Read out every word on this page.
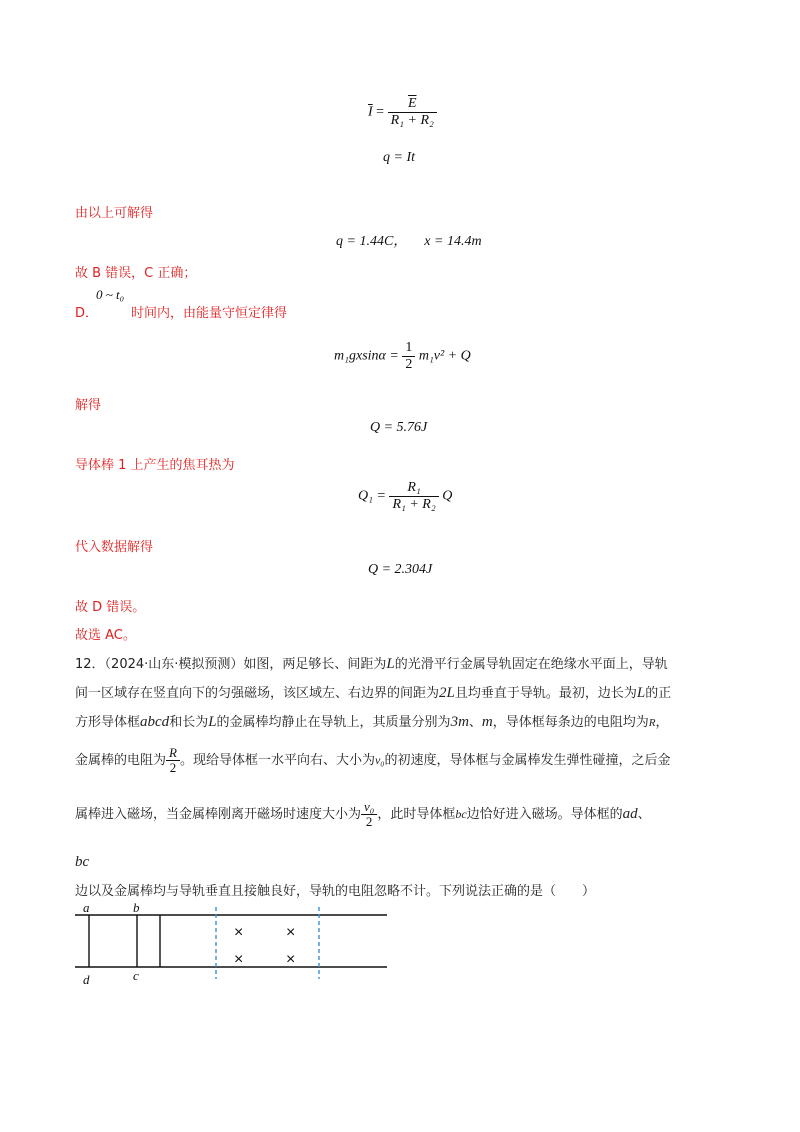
$\overline{I} = \frac{\overline{E}}{\text{R₁ + R₂}}$
q = It
由以上可解得
q = 1.44C， x = 14.4m
故 B 错误，C 正确；
0 ~ t₀
D．	时间内，由能量守恒定律得
$m_1gxsin\alpha = \frac{1}{2} m_1v^2 + Q$
解得
Q = 5.76J
导体棒 1 上产生的焦耳热为
$Q_1 = \frac{\text{R₁}}{\text{R₁ + R₂}}$ Q
代入数据解得
Q = 2.304J
故 D 错误。
故选 AC。
12．（2024·山东·模拟预测）如图，两足够长、间距为L的光滑平行金属导轨固定在绝缘水平面上，导轨
间一区域存在竖直向下的匀强磁场，该区域左、右边界的间距为2L且均垂直于导轨。最初，边长为L的正
方形导体框abcd和长为L的金属棒均静止在导轨上，其质量分别为3m、m，导体框每条边的电阻均为R，
金属棒的电阻为 $\frac{R}{2}$ 。现给导体框一水平向右、大小为v₀的初速度，导体框与金属棒发生弹性碰撞，之后金
属棒进入磁场，当金属棒刚离开磁场时速度大小为 $\frac{\text{v₀}}{2}$ ，此时导体框bc边恰好进入磁场。导体框的ad、
bc
边以及金属棒均与导轨垂直且接触良好，导轨的电阻忽略不计。下列说法正确的是（　　）
×	×
×	×
a	b
c
d
